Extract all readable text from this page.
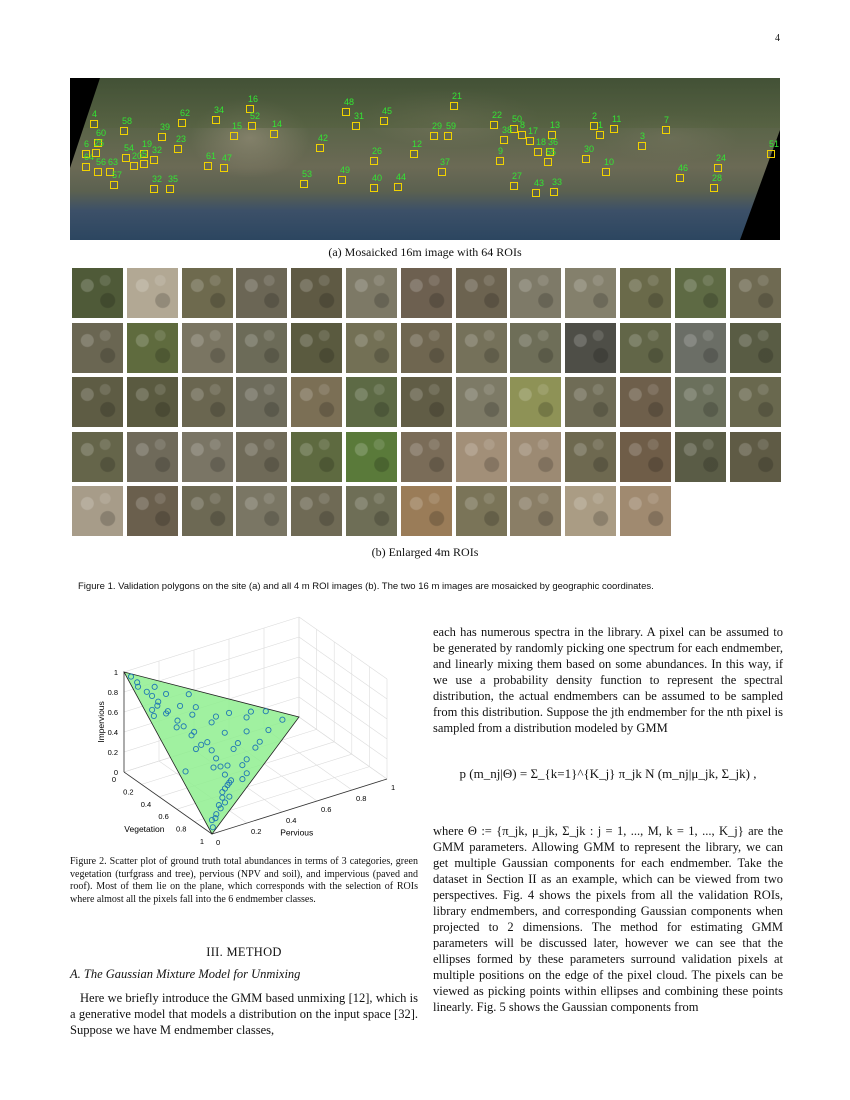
4
4
58
62	34
16
52
15	14
48
31 45
21
22 50
13	1
11	7
3
51
12
39
23	42
26
32
6
29 59
37
38
18 36
55	30
10
46
24
28
27
43 33
49
40 44
53
56 63
60
64
54
47
32 35
9
8
17
19
25
20	61
2
5
57
(a) Mosaicked 16m image with 64 ROIs
(b) Enlarged 4m ROIs
Figure 1. Validation polygons on the site (a) and all 4 m ROI images (b). The two 16 m images are mosaicked by geographic coordinates.
0
0.2
0.4
0.6
0.8
1
0
0.2
0.4
0.6
0.8
1 0
0.2
0.4
0.6
0.8
1
Impervious
Vegetation	Pervious
Figure 2. Scatter plot of ground truth total abundances in terms of 3 categories, green vegetation (turfgrass and tree), pervious (NPV and soil), and impervious (paved and roof). Most of them lie on the plane, which corresponds with the selection of ROIs where almost all the pixels fall into the 6 endmember classes.
III. METHOD
A. The Gaussian Mixture Model for Unmixing
Here we briefly introduce the GMM based unmixing [12], which is a generative model that models a distribution on the input space [32]. Suppose we have M endmember classes,
each has numerous spectra in the library. A pixel can be assumed to be generated by randomly picking one spectrum for each endmember, and linearly mixing them based on some abundances. In this way, if we use a probability density function to represent the spectral distribution, the actual endmembers can be assumed to be sampled from this distribution. Suppose the jth endmember for the nth pixel is sampled from a distribution modeled by GMM
p (m_nj|Θ) = Σ_{k=1}^{K_j} π_jk N (m_nj|μ_jk, Σ_jk) ,
where Θ := {π_jk, μ_jk, Σ_jk : j = 1, ..., M, k = 1, ..., K_j} are the GMM parameters. Allowing GMM to represent the library, we can get multiple Gaussian components for each endmember. Take the dataset in Section II as an example, which can be viewed from two perspectives. Fig. 4 shows the pixels from all the validation ROIs, library endmembers, and corresponding Gaussian components when projected to 2 dimensions. The method for estimating GMM parameters will be discussed later, however we can see that the ellipses formed by these parameters surround validation pixels at multiple positions on the edge of the pixel cloud. The pixels can be viewed as picking points within ellipses and combining these points linearly. Fig. 5 shows the Gaussian components from
